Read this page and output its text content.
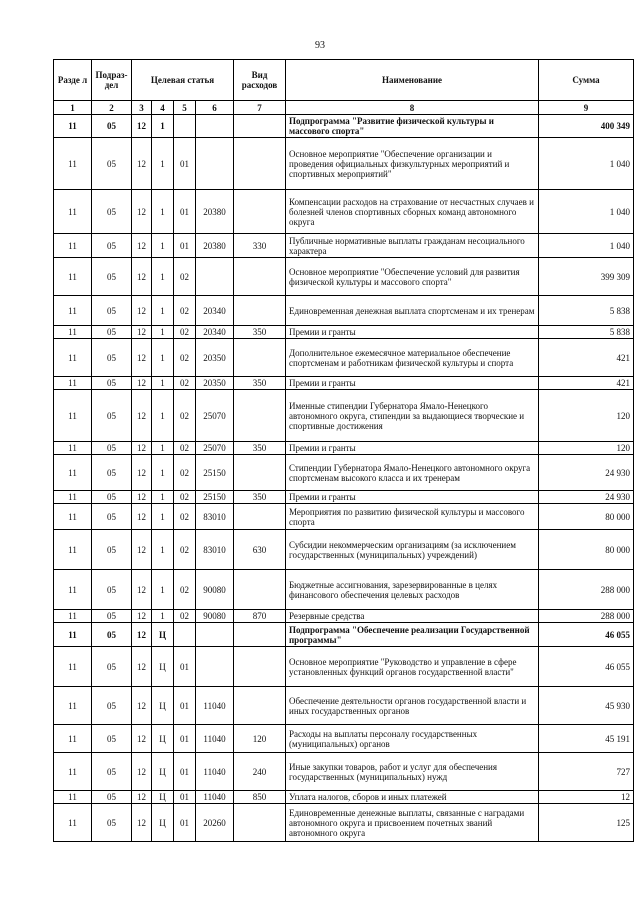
93
Разде л	Подраз- дел	Целевая статья				Вид расходов	Наименование	Сумма
1	2	3	4	5	6	7	8	9
11	05	12	1				Подпрограмма "Развитие физической культуры и массового спорта"	400 349
11	05	12	1	01			Основное мероприятие "Обеспечение организации и проведения официальных физкультурных мероприятий и спортивных мероприятий"	1 040
11	05	12	1	01	20380		Компенсации расходов на страхование от несчастных случаев и болезней членов спортивных сборных команд автономного округа	1 040
11	05	12	1	01	20380	330	Публичные нормативные выплаты гражданам несоциального характера	1 040
11	05	12	1	02			Основное мероприятие "Обеспечение условий для развития физической культуры и массового спорта"	399 309
11	05	12	1	02	20340		Единовременная денежная выплата спортсменам и их тренерам	5 838
11	05	12	1	02	20340	350	Премии и гранты	5 838
11	05	12	1	02	20350		Дополнительное ежемесячное материальное обеспечение спортсменам и работникам физической культуры и спорта	421
11	05	12	1	02	20350	350	Премии и гранты	421
11	05	12	1	02	25070		Именные стипендии Губернатора Ямало-Ненецкого автономного округа, стипендии за выдающиеся творческие и спортивные достижения	120
11	05	12	1	02	25070	350	Премии и гранты	120
11	05	12	1	02	25150		Стипендии Губернатора Ямало-Ненецкого автономного округа спортсменам высокого класса и их тренерам	24 930
11	05	12	1	02	25150	350	Премии и гранты	24 930
11	05	12	1	02	83010		Мероприятия по развитию физической культуры и массового спорта	80 000
11	05	12	1	02	83010	630	Субсидии некоммерческим организациям (за исключением государственных (муниципальных) учреждений)	80 000
11	05	12	1	02	90080		Бюджетные ассигнования, зарезервированные в целях финансового обеспечения целевых расходов	288 000
11	05	12	1	02	90080	870	Резервные средства	288 000
11	05	12	Ц				Подпрограмма "Обеспечение реализации Государственной программы"	46 055
11	05	12	Ц	01			Основное мероприятие "Руководство и управление в сфере установленных функций органов государственной власти"	46 055
11	05	12	Ц	01	11040		Обеспечение деятельности органов государственной власти и иных государственных органов	45 930
11	05	12	Ц	01	11040	120	Расходы на выплаты персоналу государственных (муниципальных) органов	45 191
11	05	12	Ц	01	11040	240	Иные закупки товаров, работ и услуг для обеспечения государственных (муниципальных) нужд	727
11	05	12	Ц	01	11040	850	Уплата налогов, сборов и иных платежей	12
11	05	12	Ц	01	20260		Единовременные денежные выплаты, связанные с наградами автономного округа и присвоением почетных званий автономного округа	125
